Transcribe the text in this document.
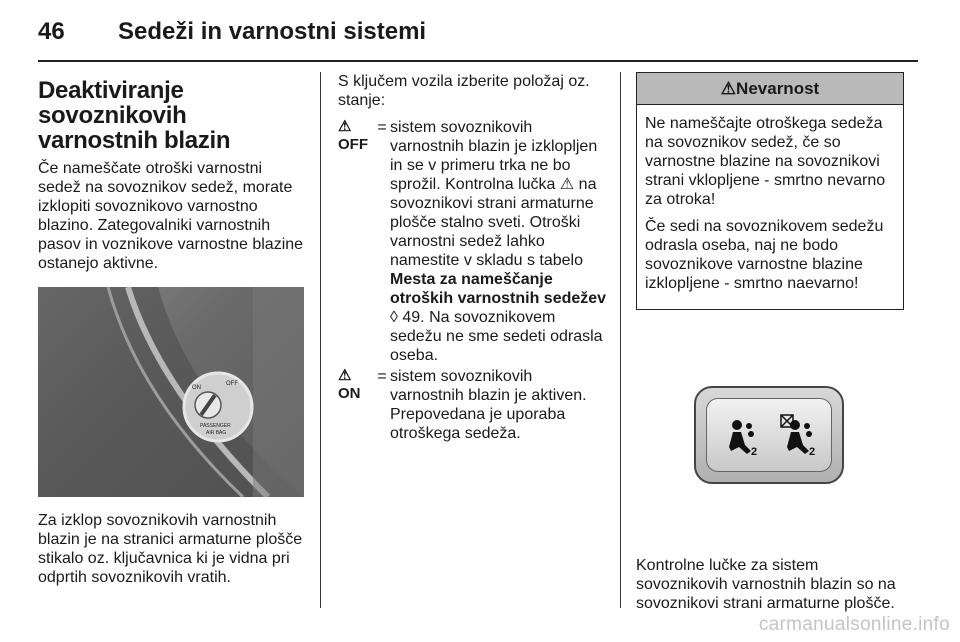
46 Sedeži in varnostni sistemi
Deaktiviranje sovoznikovih varnostnih blazin

Če nameščate otroški varnostni sedež na sovoznikov sedež, morate izklopiti sovoznikovo varnostno blazino. Zategovalniki varnostnih pasov in voznikove varnostne blazine ostanejo aktivne.

ON
OFF
PASSENGER
AIR BAG

Za izklop sovoznikovih varnostnih blazin je na stranici armaturne plošče stikalo oz. ključavnica ki je vidna pri odprtih sovoznikovih vratih.

S ključem vozila izberite položaj oz. stanje:

⚠
OFF
= sistem sovoznikovih varnostnih blazin je izklopljen in se v primeru trka ne bo sprožil. Kontrolna lučka ⚠ na sovoznikovi strani armaturne plošče stalno sveti. Otroški varnostni sedež lahko namestite v skladu s tabelo Mesta za nameščanje otroških varnostnih sedežev ◊ 49. Na sovoznikovem sedežu ne sme sedeti odrasla oseba.
⚠
ON
= sistem sovoznikovih varnostnih blazin je aktiven. Prepovedana je uporaba otroškega sedeža.
⚠Nevarnost

Ne nameščajte otroškega sedeža na sovoznikov sedež, če so varnostne blazine na sovoznikovi strani vklopljene - smrtno nevarno za otroka!

Če sedi na sovoznikovem sedežu odrasla oseba, naj ne bodo sovoznikove varnostne blazine izklopljene - smrtno naevarno!

2	2

Kontrolne lučke za sistem sovoznikovih varnostnih blazin so na sovoznikovi strani armaturne plošče.

carmanualsonline.info
